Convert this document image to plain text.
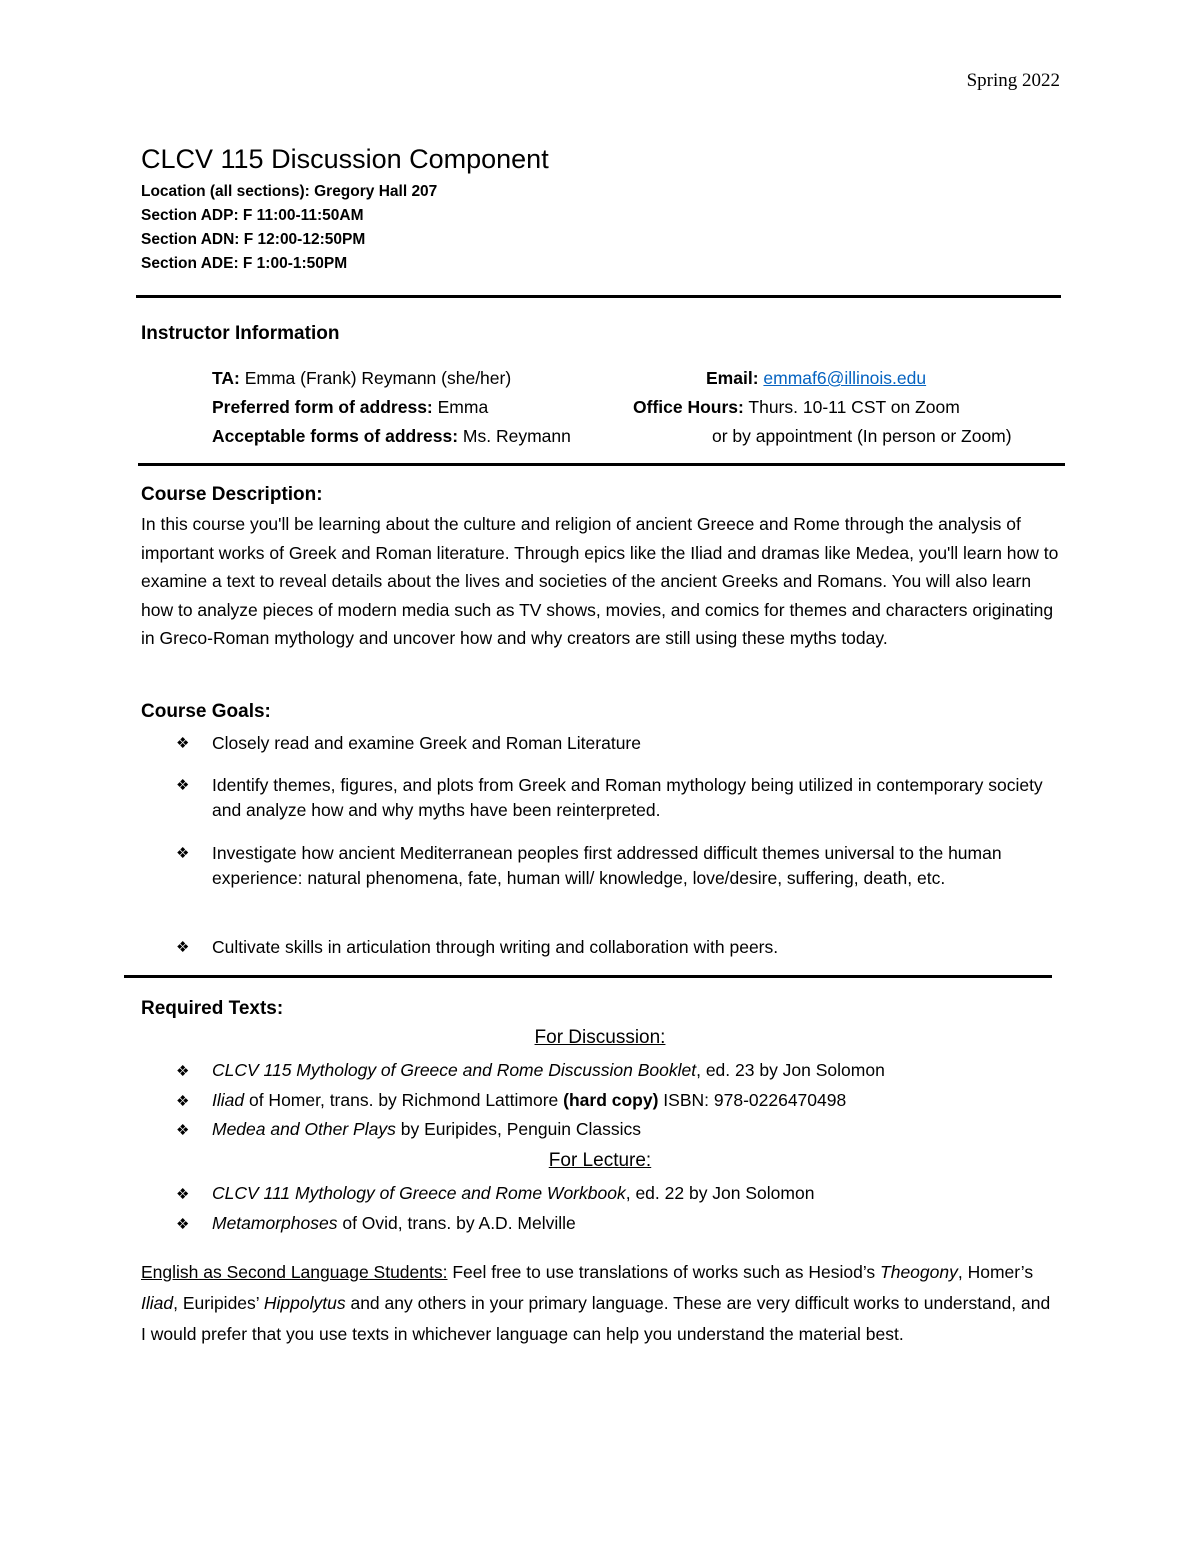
Spring 2022
CLCV 115 Discussion Component
Location (all sections): Gregory Hall 207
Section ADP: F 11:00-11:50AM
Section ADN: F 12:00-12:50PM
Section ADE: F 1:00-1:50PM
Instructor Information
TA: Emma (Frank) Reymann (she/her)	Email: emmaf6@illinois.edu
Preferred form of address: Emma	Office Hours: Thurs. 10-11 CST on Zoom
Acceptable forms of address: Ms. Reymann	or by appointment (In person or Zoom)
Course Description:
In this course you'll be learning about the culture and religion of ancient Greece and Rome through the analysis of important works of Greek and Roman literature. Through epics like the Iliad and dramas like Medea, you'll learn how to examine a text to reveal details about the lives and societies of the ancient Greeks and Romans. You will also learn how to analyze pieces of modern media such as TV shows, movies, and comics for themes and characters originating in Greco-Roman mythology and uncover how and why creators are still using these myths today.
Course Goals:
❖ Closely read and examine Greek and Roman Literature
❖ Identify themes, figures, and plots from Greek and Roman mythology being utilized in contemporary society and analyze how and why myths have been reinterpreted.
❖ Investigate how ancient Mediterranean peoples first addressed difficult themes universal to the human experience: natural phenomena, fate, human will/ knowledge, love/desire, suffering, death, etc.
❖ Cultivate skills in articulation through writing and collaboration with peers.
Required Texts:
For Discussion:
❖ CLCV 115 Mythology of Greece and Rome Discussion Booklet, ed. 23 by Jon Solomon
❖ Iliad of Homer, trans. by Richmond Lattimore (hard copy) ISBN: 978-0226470498
❖ Medea and Other Plays by Euripides, Penguin Classics
For Lecture:
❖ CLCV 111 Mythology of Greece and Rome Workbook, ed. 22 by Jon Solomon
❖ Metamorphoses of Ovid, trans. by A.D. Melville
English as Second Language Students: Feel free to use translations of works such as Hesiod’s Theogony, Homer’s Iliad, Euripides’ Hippolytus and any others in your primary language. These are very difficult works to understand, and I would prefer that you use texts in whichever language can help you understand the material best.
